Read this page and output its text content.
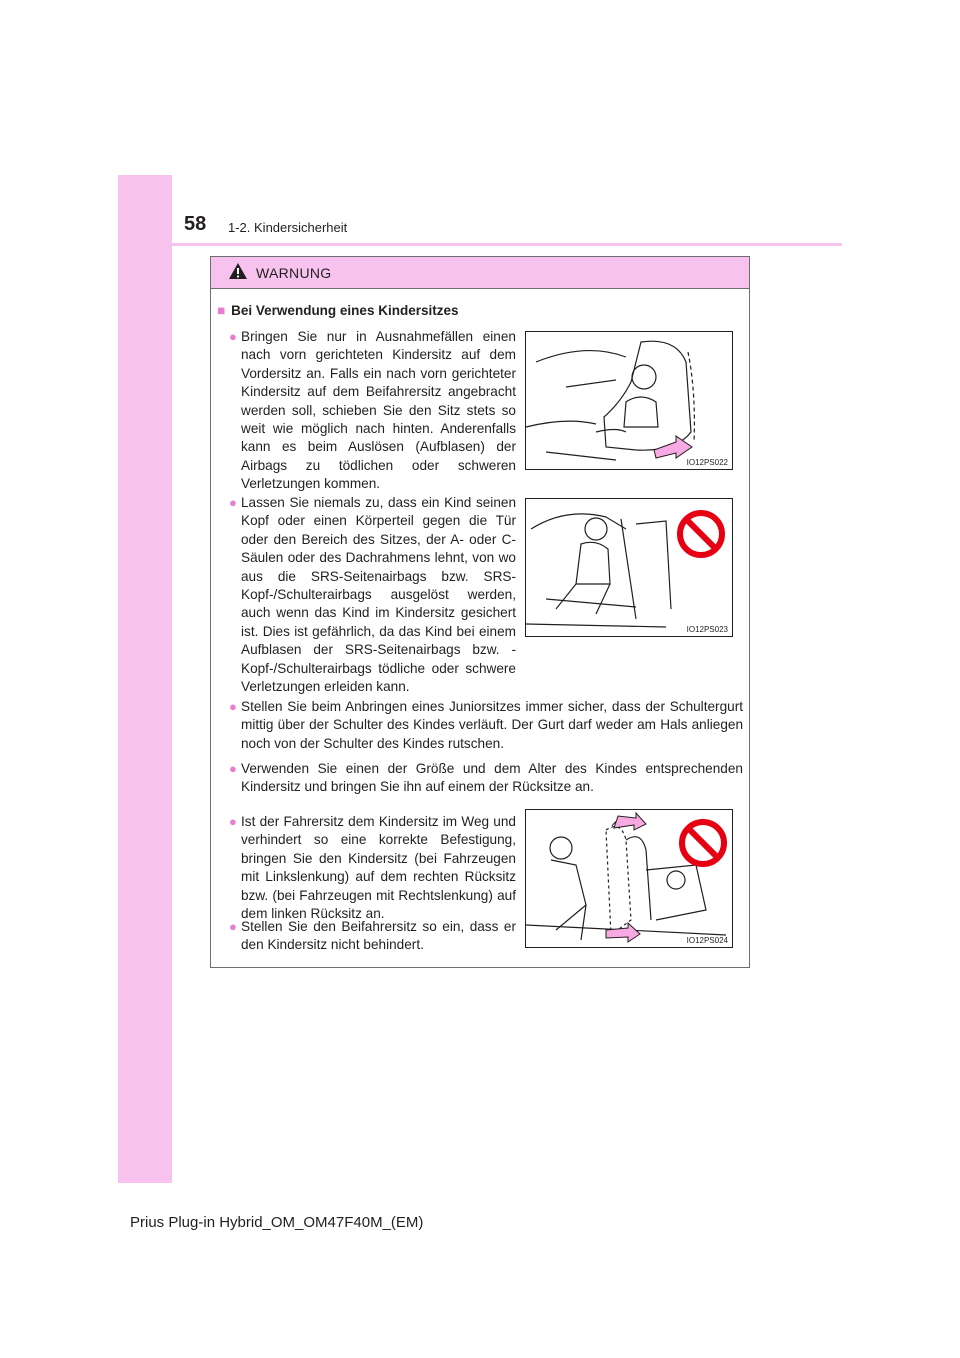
58 1-2. Kindersicherheit
WARNUNG
■ Bei Verwendung eines Kindersitzes
● Bringen Sie nur in Ausnahmefällen einen nach vorn gerichteten Kindersitz auf dem Vordersitz an. Falls ein nach vorn gerichteter Kindersitz auf dem Beifahrersitz angebracht werden soll, schieben Sie den Sitz stets so weit wie möglich nach hinten. Anderenfalls kann es beim Auslösen (Aufblasen) der Airbags zu tödlichen oder schweren Verletzungen kommen.
IO12PS022
● Lassen Sie niemals zu, dass ein Kind seinen Kopf oder einen Körperteil gegen die Tür oder den Bereich des Sitzes, der A- oder C-Säulen oder des Dachrahmens lehnt, von wo aus die SRS-Seitenairbags bzw. SRS-Kopf-/Schulterairbags ausgelöst werden, auch wenn das Kind im Kindersitz gesichert ist. Dies ist gefährlich, da das Kind bei einem Aufblasen der SRS-Seitenairbags bzw. -Kopf-/Schulterairbags tödliche oder schwere Verletzungen erleiden kann.
IO12PS023
● Stellen Sie beim Anbringen eines Juniorsitzes immer sicher, dass der Schultergurt mittig über der Schulter des Kindes verläuft. Der Gurt darf weder am Hals anliegen noch von der Schulter des Kindes rutschen.
● Verwenden Sie einen der Größe und dem Alter des Kindes entsprechenden Kindersitz und bringen Sie ihn auf einem der Rücksitze an.
● Ist der Fahrersitz dem Kindersitz im Weg und verhindert so eine korrekte Befestigung, bringen Sie den Kindersitz (bei Fahrzeugen mit Linkslenkung) auf dem rechten Rücksitz bzw. (bei Fahrzeugen mit Rechtslenkung) auf dem linken Rücksitz an.
● Stellen Sie den Beifahrersitz so ein, dass er den Kindersitz nicht behindert.	IO12PS024
Prius Plug-in Hybrid_OM_OM47F40M_(EM)
